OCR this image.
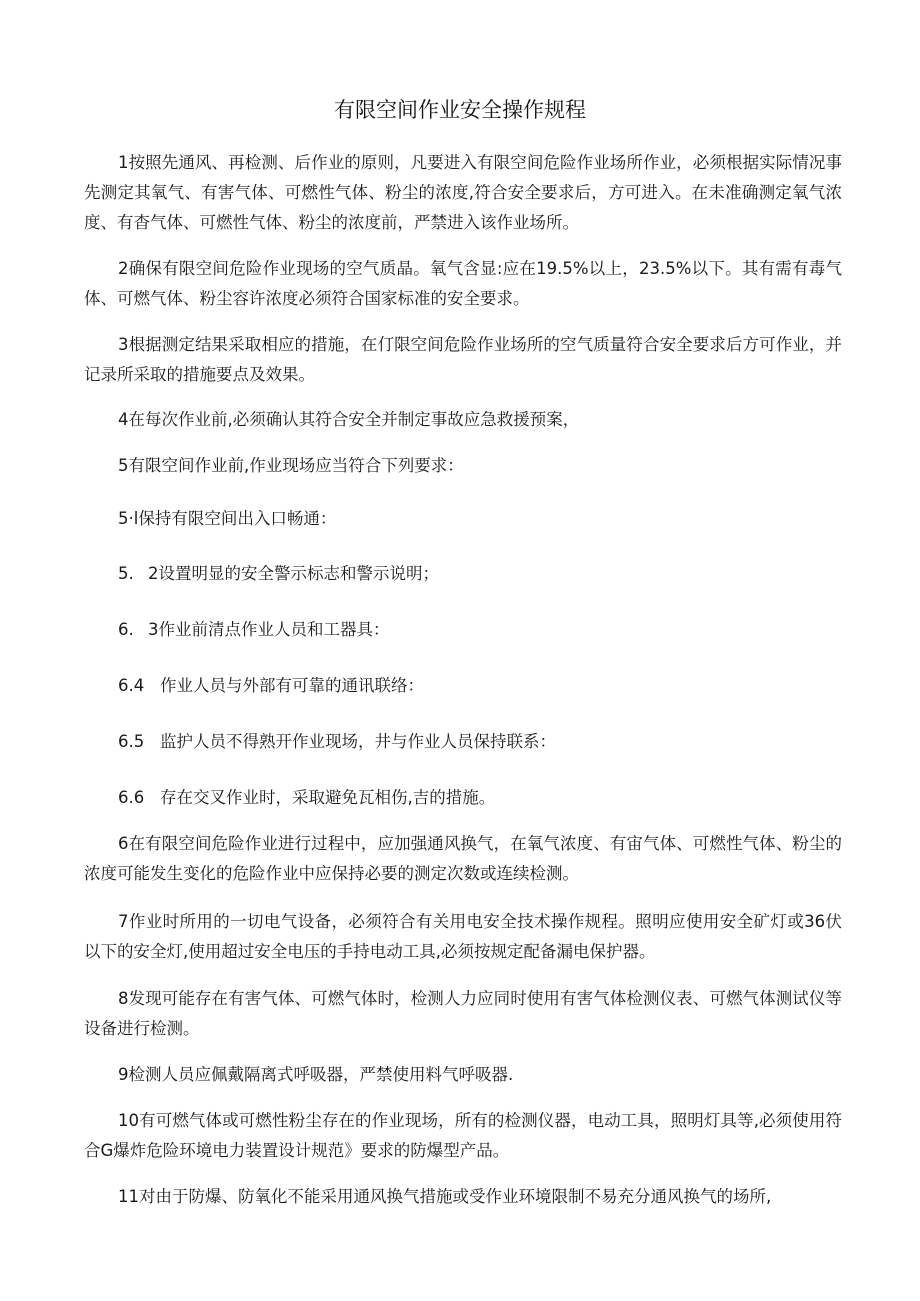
有限空间作业安全操作规程

1按照先通风、再检测、后作业的原则，凡要进入有限空间危险作业场所作业，必须根据实际情况事先测定其氧气、有害气体、可燃性气体、粉尘的浓度,符合安全要求后，方可进入。在未准确测定氧气浓度、有杳气体、可燃性气体、粉尘的浓度前，严禁进入该作业场所。

2确保有限空间危险作业现场的空气质晶。氧气含显:应在19.5%以上，23.5%以下。其有需有毒气体、可燃气体、粉尘容许浓度必须符合国家标准的安全要求。

3根据测定结果采取相应的措施，在仃限空间危险作业场所的空气质量符合安全要求后方可作业，并记录所采取的措施要点及效果。

4在每次作业前,必须确认其符合安全并制定事故应急救援预案，

5有限空间作业前,作业现场应当符合下列要求：

5·l保持有限空间出入口畅通：

5. 2设置明显的安全警示标志和警示说明；

6. 3作业前清点作业人员和工器具：

6.4 作业人员与外部有可靠的通讯联络：

6.5 监护人员不得熟开作业现场，井与作业人员保持联系：

6.6 存在交叉作业时，采取避免瓦相伤,吉的措施。

6在有限空间危险作业进行过程中，应加强通风换气，在氧气浓度、有宙气体、可燃性气体、粉尘的浓度可能发生变化的危险作业中应保持必要的测定次数或连续检测。

7作业时所用的一切电气设备，必须符合有关用电安全技术操作规程。照明应使用安全矿灯或36伏以下的安全灯,使用超过安全电压的手持电动工具,必须按规定配备漏电保护器。

8发现可能存在有害气体、可燃气体时，检测人力应同时使用有害气体检测仪表、可燃气体测试仪等设备进行检测。

9检测人员应佩戴隔离式呼吸器，严禁使用料气呼吸器.

10有可燃气体或可燃性粉尘存在的作业现场，所有的检测仪器，电动工具，照明灯具等,必须使用符合G爆炸危险环境电力装置设计规范》要求的防爆型产品。

11对由于防爆、防氧化不能采用通风换气措施或受作业环境限制不易充分通风换气的场所,
